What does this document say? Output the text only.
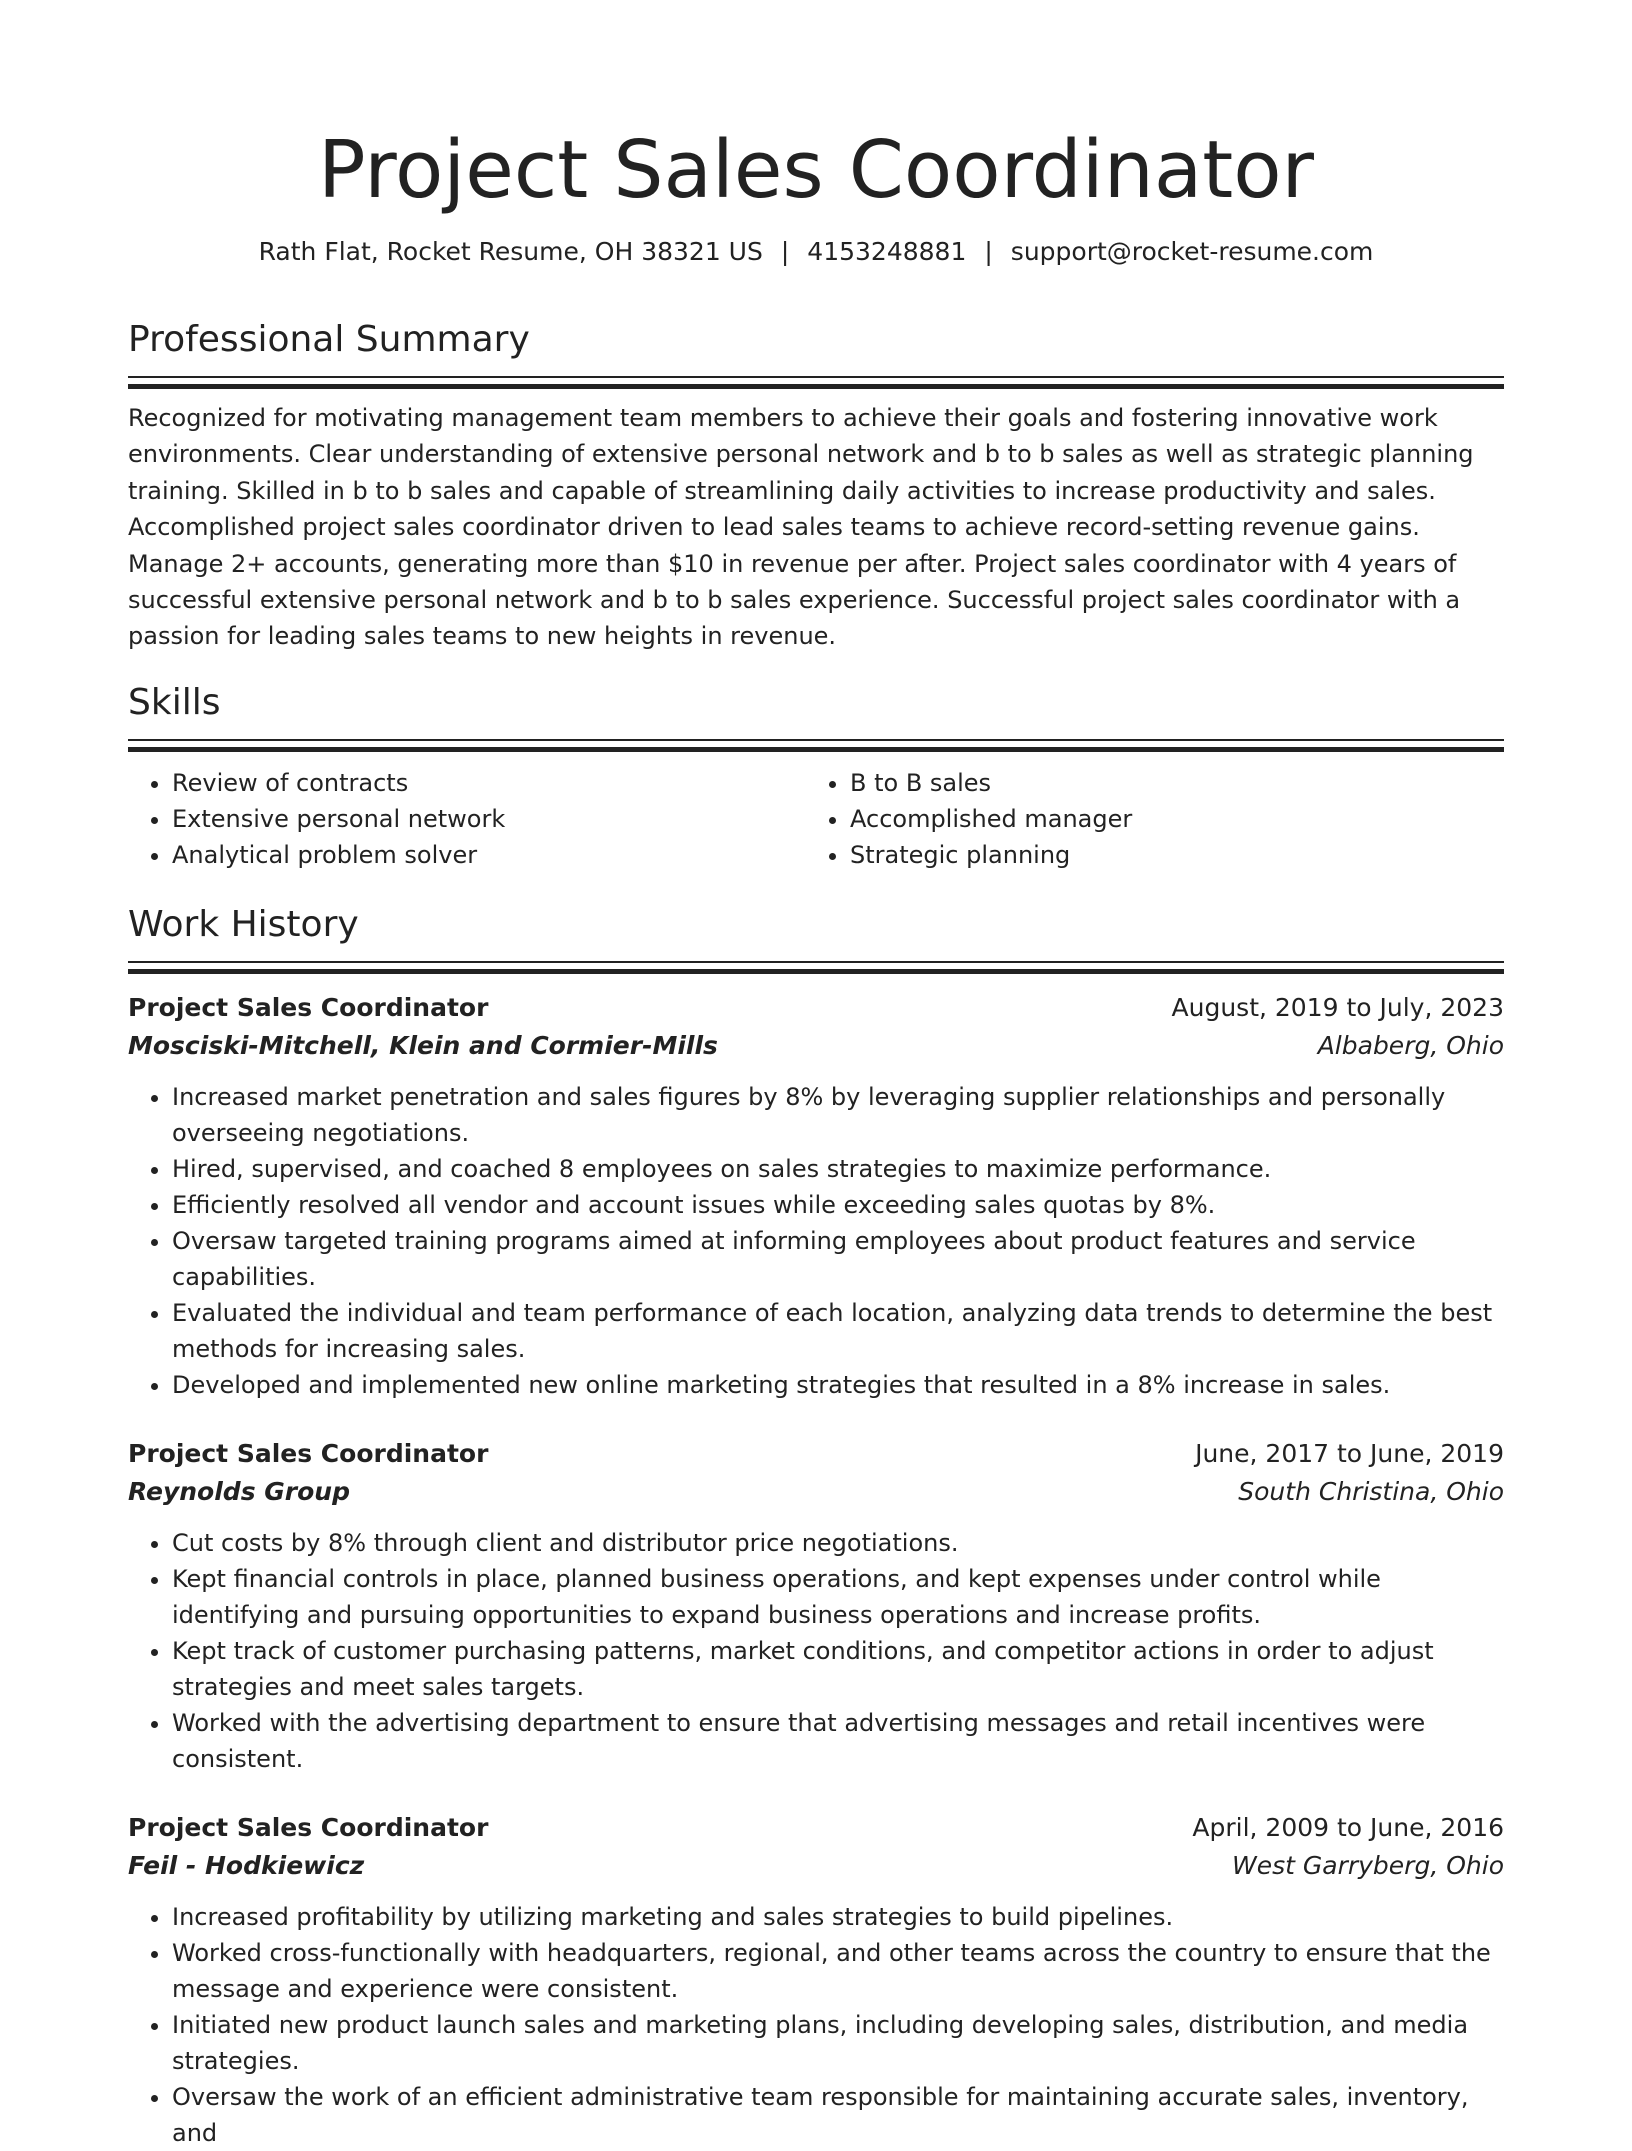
Project Sales Coordinator
Rath Flat, Rocket Resume, OH 38321 US | 4153248881 | support@rocket-resume.com
Professional Summary

Recognized for motivating management team members to achieve their goals and fostering innovative work environments. Clear understanding of extensive personal network and b to b sales as well as strategic planning training. Skilled in b to b sales and capable of streamlining daily activities to increase productivity and sales. Accomplished project sales coordinator driven to lead sales teams to achieve record-setting revenue gains. Manage 2+ accounts, generating more than $10 in revenue per after. Project sales coordinator with 4 years of successful extensive personal network and b to b sales experience. Successful project sales coordinator with a passion for leading sales teams to new heights in revenue.

Skills
• Review of contracts
• Extensive personal network
• Analytical problem solver
• B to B sales
• Accomplished manager
• Strategic planning
Work History
Project Sales Coordinator	August, 2019 to July, 2023
Mosciski-Mitchell, Klein and Cormier-Mills	Albaberg, Ohio
• Increased market penetration and sales figures by 8% by leveraging supplier relationships and personally overseeing negotiations.
• Hired, supervised, and coached 8 employees on sales strategies to maximize performance.
• Efficiently resolved all vendor and account issues while exceeding sales quotas by 8%.
• Oversaw targeted training programs aimed at informing employees about product features and service capabilities.
• Evaluated the individual and team performance of each location, analyzing data trends to determine the best methods for increasing sales.
• Developed and implemented new online marketing strategies that resulted in a 8% increase in sales.
Project Sales Coordinator	June, 2017 to June, 2019
Reynolds Group	South Christina, Ohio
• Cut costs by 8% through client and distributor price negotiations.
• Kept financial controls in place, planned business operations, and kept expenses under control while identifying and pursuing opportunities to expand business operations and increase profits.
• Kept track of customer purchasing patterns, market conditions, and competitor actions in order to adjust strategies and meet sales targets.
• Worked with the advertising department to ensure that advertising messages and retail incentives were consistent.
Project Sales Coordinator	April, 2009 to June, 2016
Feil - Hodkiewicz	West Garryberg, Ohio
• Increased profitability by utilizing marketing and sales strategies to build pipelines.
• Worked cross-functionally with headquarters, regional, and other teams across the country to ensure that the message and experience were consistent.
• Initiated new product launch sales and marketing plans, including developing sales, distribution, and media strategies.
• Oversaw the work of an efficient administrative team responsible for maintaining accurate sales, inventory, and
